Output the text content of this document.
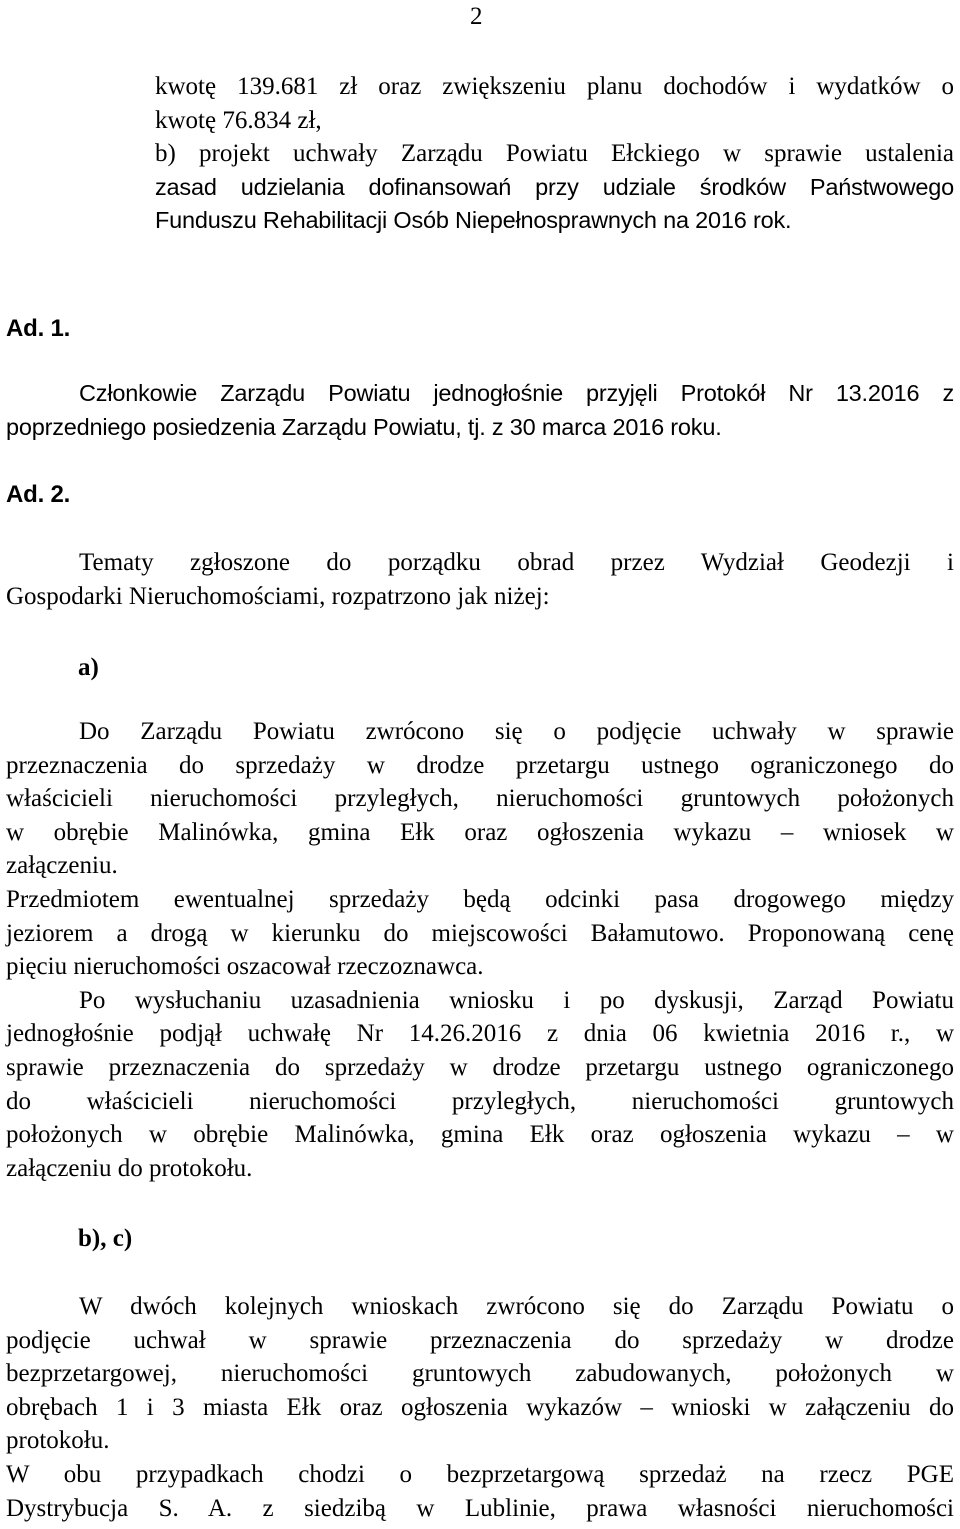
2
kwotę 139.681 zł oraz zwiększeniu planu dochodów i wydatków o
kwotę 76.834 zł,
b) projekt uchwały Zarządu Powiatu Ełckiego w sprawie ustalenia
zasad udzielania dofinansowań przy udziale środków Państwowego
Funduszu Rehabilitacji Osób Niepełnosprawnych na 2016 rok.
Ad. 1.
Członkowie Zarządu Powiatu jednogłośnie przyjęli Protokół Nr 13.2016 z
poprzedniego posiedzenia Zarządu Powiatu, tj. z 30 marca 2016 roku.
Ad. 2.
Tematy zgłoszone do porządku obrad przez Wydział Geodezji i
Gospodarki Nieruchomościami, rozpatrzono jak niżej:
a)
Do Zarządu Powiatu zwrócono się o podjęcie uchwały w sprawie
przeznaczenia do sprzedaży w drodze przetargu ustnego ograniczonego do
właścicieli nieruchomości przyległych, nieruchomości gruntowych położonych
w obrębie Malinówka, gmina Ełk oraz ogłoszenia wykazu – wniosek w
załączeniu.
Przedmiotem ewentualnej sprzedaży będą odcinki pasa drogowego między
jeziorem a drogą w kierunku do miejscowości Bałamutowo. Proponowaną cenę
pięciu nieruchomości oszacował rzeczoznawca.
Po wysłuchaniu uzasadnienia wniosku i po dyskusji, Zarząd Powiatu
jednogłośnie podjął uchwałę Nr 14.26.2016 z dnia 06 kwietnia 2016 r., w
sprawie przeznaczenia do sprzedaży w drodze przetargu ustnego ograniczonego
do właścicieli nieruchomości przyległych, nieruchomości gruntowych
położonych w obrębie Malinówka, gmina Ełk oraz ogłoszenia wykazu – w
załączeniu do protokołu.
b), c)
W dwóch kolejnych wnioskach zwrócono się do Zarządu Powiatu o
podjęcie uchwał w sprawie przeznaczenia do sprzedaży w drodze
bezprzetargowej, nieruchomości gruntowych zabudowanych, położonych w
obrębach 1 i 3 miasta Ełk oraz ogłoszenia wykazów – wnioski w załączeniu do
protokołu.
W obu przypadkach chodzi o bezprzetargową sprzedaż na rzecz PGE
Dystrybucja S. A. z siedzibą w Lublinie, prawa własności nieruchomości
